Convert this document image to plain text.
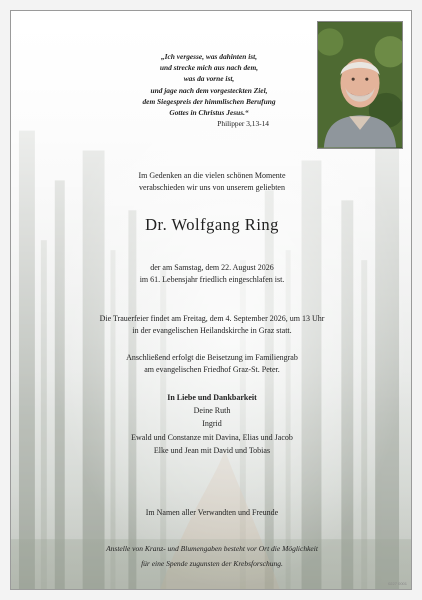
„Ich vergesse, was dahinten ist,
und strecke mich aus nach dem,
was da vorne ist,
und jage nach dem vorgesteckten Ziel,
dem Siegespreis der himmlischen Berufung
Gottes in Christus Jesus.“
Philipper 3,13-14
Im Gedenken an die vielen schönen Momente
verabschieden wir uns von unserem geliebten
Dr. Wolfgang Ring
der am Samstag, dem 22. August 2026
im 61. Lebensjahr friedlich eingeschlafen ist.
Die Trauerfeier findet am Freitag, dem 4. September 2026, um 13 Uhr
in der evangelischen Heilandskirche in Graz statt.
Anschließend erfolgt die Beisetzung im Familiengrab
am evangelischen Friedhof Graz-St. Peter.
In Liebe und Dankbarkeit
Deine Ruth
Ingrid
Ewald und Constanze mit Davina, Elias und Jacob
Elke und Jean mit David und Tobias
Im Namen aller Verwandten und Freunde
Anstelle von Kranz- und Blumengaben besteht vor Ort die Möglichkeit
für eine Spende zugunsten der Krebsforschung.
0227 0001
